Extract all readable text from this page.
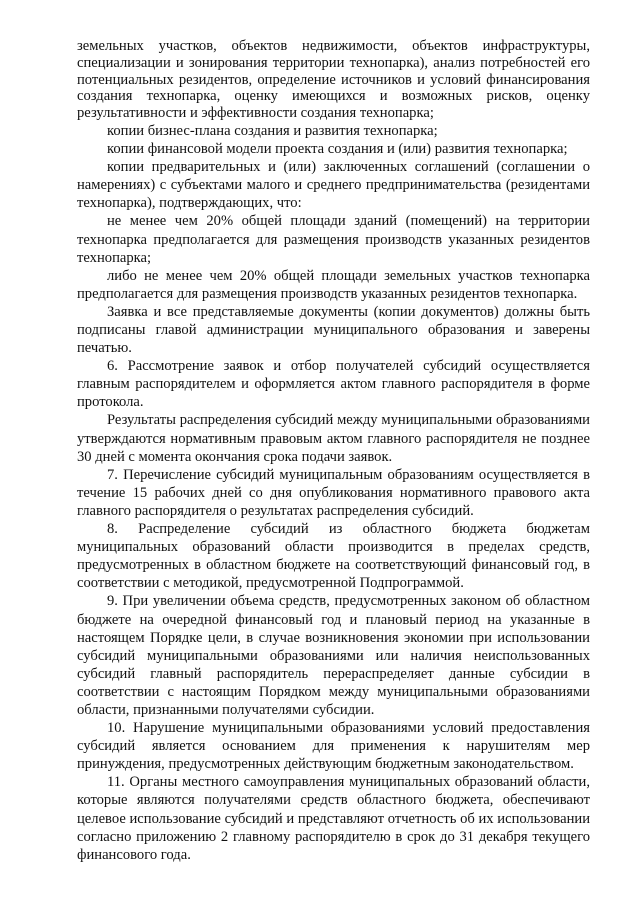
земельных участков, объектов недвижимости, объектов инфраструктуры, специализации и зонирования территории технопарка), анализ потребностей его потенциальных резидентов, определение источников и условий финансирования создания технопарка, оценку имеющихся и возможных рисков, оценку результативности и эффективности создания технопарка;

копии бизнес-плана создания и развития технопарка;

копии финансовой модели проекта создания и (или) развития технопарка;

копии предварительных и (или) заключенных соглашений (соглашении о намерениях) с субъектами малого и среднего предпринимательства (резидентами технопарка), подтверждающих, что:

не менее чем 20% общей площади зданий (помещений) на территории технопарка предполагается для размещения производств указанных резидентов технопарка;

либо не менее чем 20% общей площади земельных участков технопарка предполагается для размещения производств указанных резидентов технопарка.

Заявка и все представляемые документы (копии документов) должны быть подписаны главой администрации муниципального образования и заверены печатью.

6. Рассмотрение заявок и отбор получателей субсидий осуществляется главным распорядителем и оформляется актом главного распорядителя в форме протокола.

Результаты распределения субсидий между муниципальными образованиями утверждаются нормативным правовым актом главного распорядителя не позднее 30 дней с момента окончания срока подачи заявок.

7. Перечисление субсидий муниципальным образованиям осуществляется в течение 15 рабочих дней со дня опубликования нормативного правового акта главного распорядителя о результатах распределения субсидий.

8. Распределение субсидий из областного бюджета бюджетам муниципальных образований области производится в пределах средств, предусмотренных в областном бюджете на соответствующий финансовый год, в соответствии с методикой, предусмотренной Подпрограммой.

9. При увеличении объема средств, предусмотренных законом об областном бюджете на очередной финансовый год и плановый период на указанные в настоящем Порядке цели, в случае возникновения экономии при использовании субсидий муниципальными образованиями или наличия неиспользованных субсидий главный распорядитель перераспределяет данные субсидии в соответствии с настоящим Порядком между муниципальными образованиями области, признанными получателями субсидии.

10. Нарушение муниципальными образованиями условий предоставления субсидий является основанием для применения к нарушителям мер принуждения, предусмотренных действующим бюджетным законодательством.

11. Органы местного самоуправления муниципальных образований области, которые являются получателями средств областного бюджета, обеспечивают целевое использование субсидий и представляют отчетность об их использовании согласно приложению 2 главному распорядителю в срок до 31 декабря текущего финансового года.
